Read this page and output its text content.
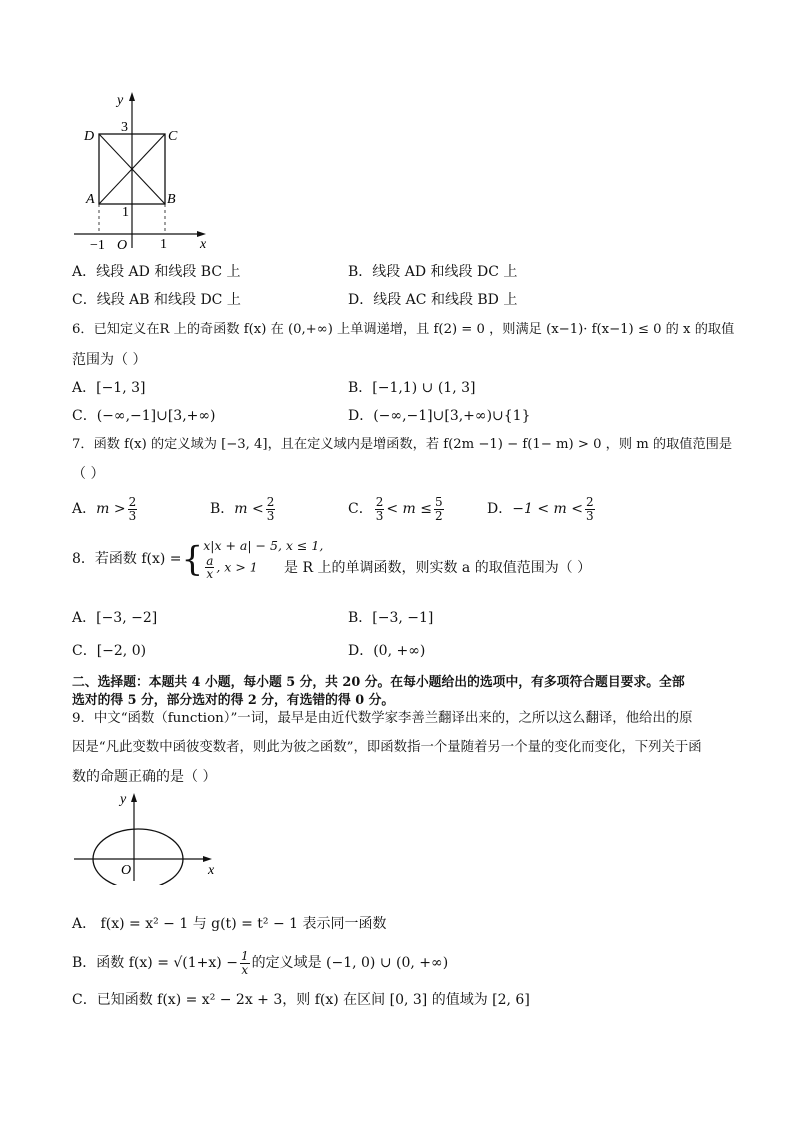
y
x
O
3
1
−1	1
D	C
A	B
A．线段 AD 和线段 BC 上	B．线段 AD 和线段 DC 上
C．线段 AB 和线段 DC 上	D．线段 AC 和线段 BD 上
6．已知定义在R 上的奇函数 f(x) 在 (0,+∞) 上单调递增，且 f(2) = 0 ，则满足 (x−1)· f(x−1) ≤ 0 的 x 的取值
范围为（ ）
A．[−1, 3]	B．[−1,1) ∪ (1, 3]
C．(−∞,−1]∪[3,+∞)	D．(−∞,−1]∪[3,+∞)∪{1}
7．函数 f(x) 的定义域为 [−3, 4]，且在定义域内是增函数，若 f(2m −1) − f(1− m) > 0 ，则 m 的取值范围是
（ ）
A．$m > \frac{2}{3}$	B．$m < \frac{2}{3}$	C． $\frac{2}{3} < m \le \frac{5}{2}$	D．$-1 < m < \frac{2}{3}$
8．若函数 f(x) ={ x|x + a| − 5, x ≤ 1,
$\frac{a}{x}$ , x > 1	是 R 上的单调函数，则实数 a 的取值范围为（ ）
A．[−3, −2]	B．[−3, −1]
C．[−2, 0)	D．(0, +∞)
二、选择题：本题共 4 小题，每小题 5 分，共 20 分。在每小题给出的选项中，有多项符合题目要求。全部
选对的得 5 分，部分选对的得 2 分，有选错的得 0 分。
9．中文“函数（function）”一词，最早是由近代数学家李善兰翻译出来的，之所以这么翻译，他给出的原
因是“凡此变数中函彼变数者，则此为彼之函数”，即函数指一个量随着另一个量的变化而变化，下列关于函
数的命题正确的是（ ）
y
x
O
A． f(x) = x² − 1 与 g(t) = t² − 1 表示同一函数
B．函数 $f(x) = √(1+x) - \frac{1}{x}$ 的定义域是 (−1, 0) ∪ (0, +∞)
C．已知函数 f(x) = x² − 2x + 3，则 f(x) 在区间 [0, 3] 的值域为 [2, 6]
